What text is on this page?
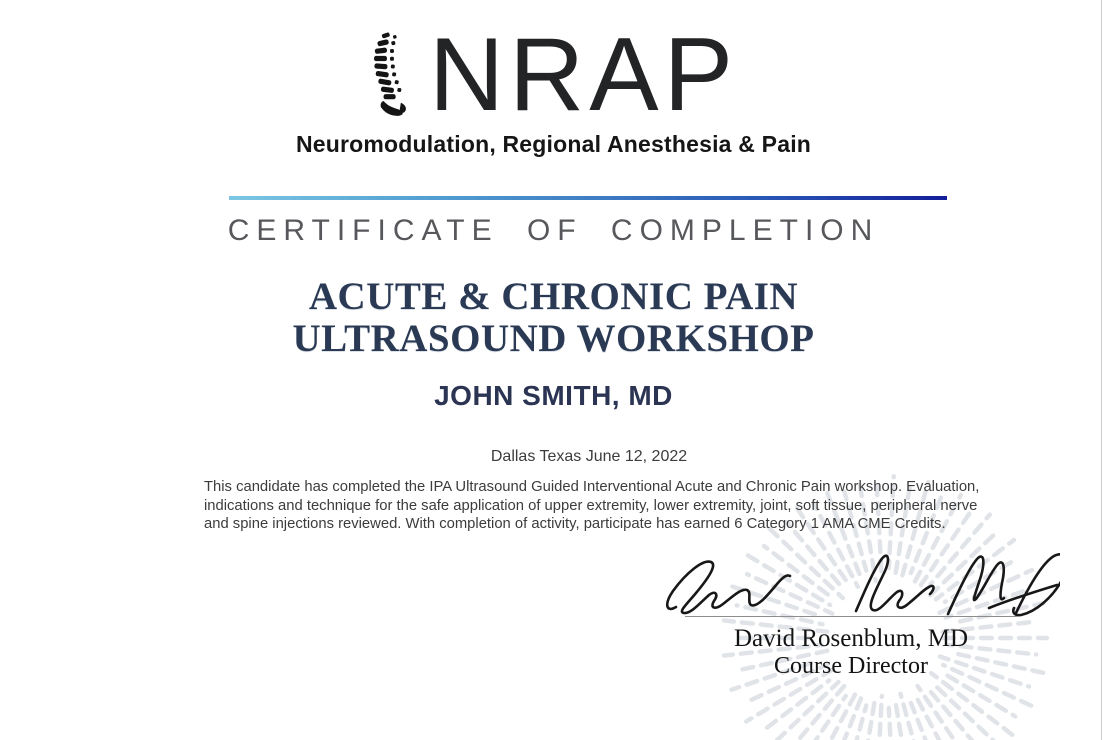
NRAP
Neuromodulation, Regional Anesthesia & Pain
CERTIFICATE OF COMPLETION
ACUTE & CHRONIC PAIN
ULTRASOUND WORKSHOP
JOHN SMITH, MD
Dallas Texas June 12, 2022
This candidate has completed the IPA Ultrasound Guided Interventional Acute and Chronic Pain workshop. Evaluation,
indications and technique for the safe application of upper extremity, lower extremity, joint, soft tissue, peripheral nerve
and spine injections reviewed. With completion of activity, participate has earned 6 Category 1 AMA CME Credits.
David Rosenblum, MD
Course Director
